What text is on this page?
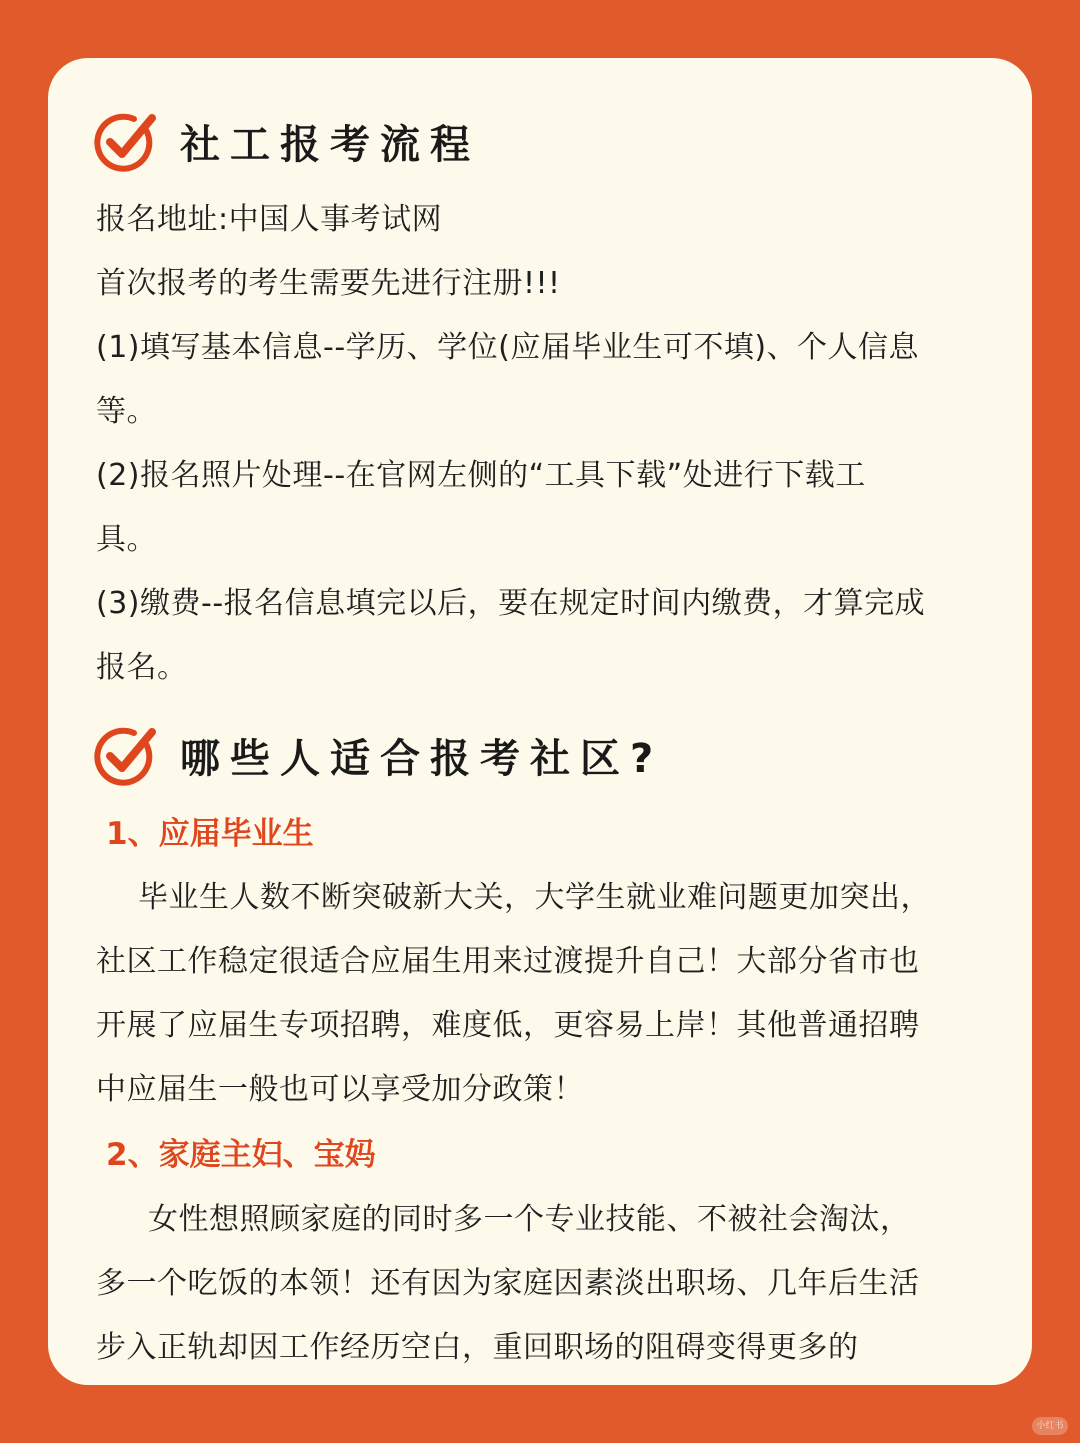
社工报考流程
报名地址:中国人事考试网
首次报考的考生需要先进行注册!!!
(1)填写基本信息--学历、学位(应届毕业生可不填)、个人信息
等。
(2)报名照片处理--在官网左侧的“工具下载”处进行下载工
具。
(3)缴费--报名信息填完以后，要在规定时间内缴费，才算完成
报名。
哪些人适合报考社区?
1、应届毕业生
毕业生人数不断突破新大关，大学生就业难问题更加突出，
社区工作稳定很适合应届生用来过渡提升自己！大部分省市也
开展了应届生专项招聘，难度低，更容易上岸！其他普通招聘
中应届生一般也可以享受加分政策！
2、家庭主妇、宝妈
女性想照顾家庭的同时多一个专业技能、不被社会淘汰，
多一个吃饭的本领！还有因为家庭因素淡出职场、几年后生活
步入正轨却因工作经历空白，重回职场的阻碍变得更多的
小红书
